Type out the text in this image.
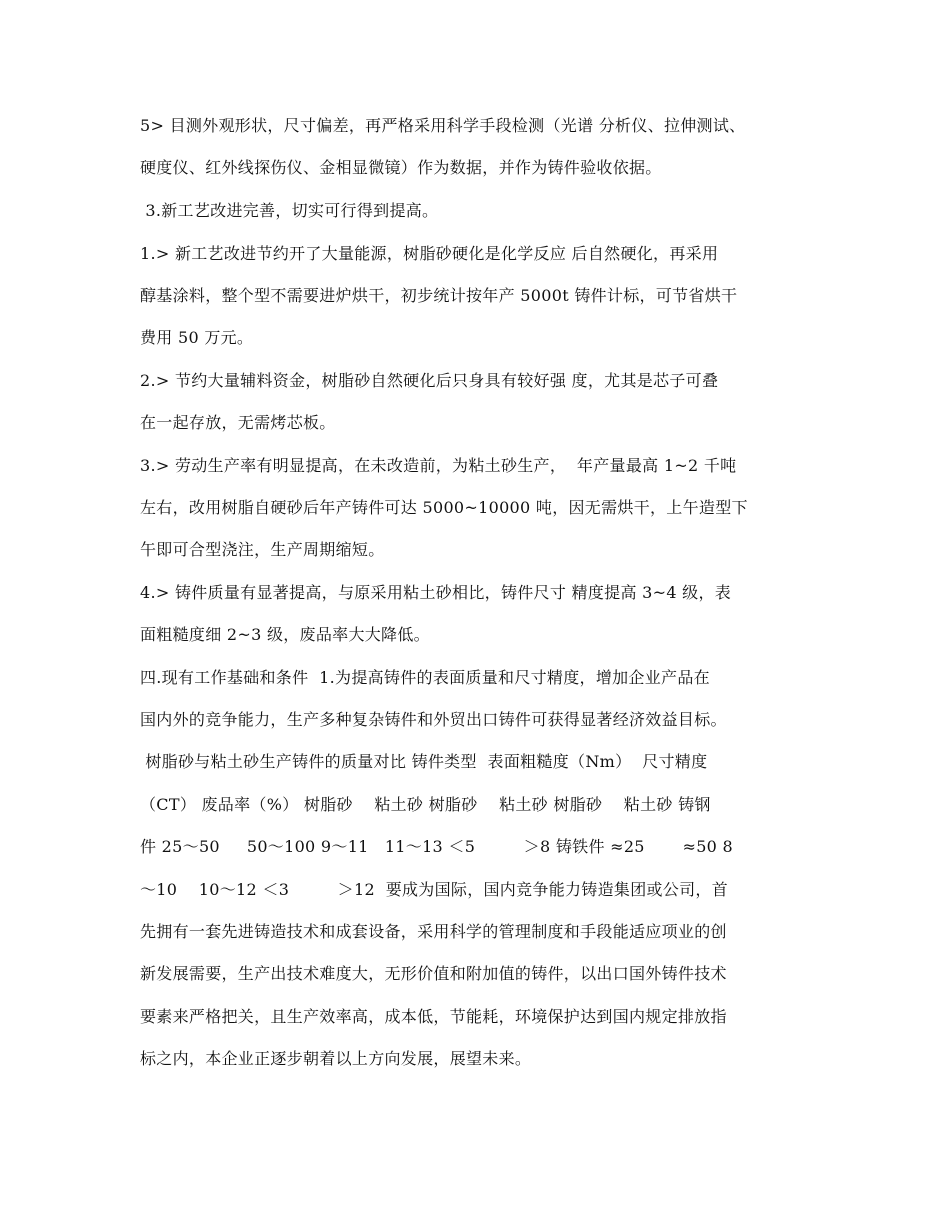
5> 目测外观形状，尺寸偏差，再严格采用科学手段检测（光谱 分析仪、拉伸测试、
硬度仪、红外线探伤仪、金相显微镜）作为数据，并作为铸件验收依据。
3.新工艺改进完善，切实可行得到提高。
1.> 新工艺改进节约开了大量能源，树脂砂硬化是化学反应 后自然硬化，再采用
醇基涂料，整个型不需要进炉烘干，初步统计按年产 5000t 铸件计标，可节省烘干
费用 50 万元。
2.> 节约大量辅料资金，树脂砂自然硬化后只身具有较好强 度，尤其是芯子可叠
在一起存放，无需烤芯板。
3.> 劳动生产率有明显提高，在未改造前，为粘土砂生产，  年产量最高 1~2 千吨
左右，改用树脂自硬砂后年产铸件可达 5000~10000 吨，因无需烘干，上午造型下
午即可合型浇注，生产周期缩短。
4.> 铸件质量有显著提高，与原采用粘土砂相比，铸件尺寸 精度提高 3~4 级，表
面粗糙度细 2~3 级，废品率大大降低。
四.现有工作基础和条件  1.为提高铸件的表面质量和尺寸精度，增加企业产品在
国内外的竞争能力，生产多种复杂铸件和外贸出口铸件可获得显著经济效益目标。
树脂砂与粘土砂生产铸件的质量对比 铸件类型  表面粗糙度（Nm）  尺寸精度
（CT） 废品率（%） 树脂砂    粘土砂 树脂砂    粘土砂 树脂砂    粘土砂 铸钢
件 25～50     50～100 9～11   11～13 ＜5         ＞8 铸铁件 ≈25       ≈50 8
～10    10～12 ＜3         ＞12  要成为国际，国内竞争能力铸造集团或公司，首
先拥有一套先进铸造技术和成套设备，采用科学的管理制度和手段能适应项业的创
新发展需要，生产出技术难度大，无形价值和附加值的铸件，以出口国外铸件技术
要素来严格把关，且生产效率高，成本低，节能耗，环境保护达到国内规定排放指
标之内，本企业正逐步朝着以上方向发展，展望未来。
